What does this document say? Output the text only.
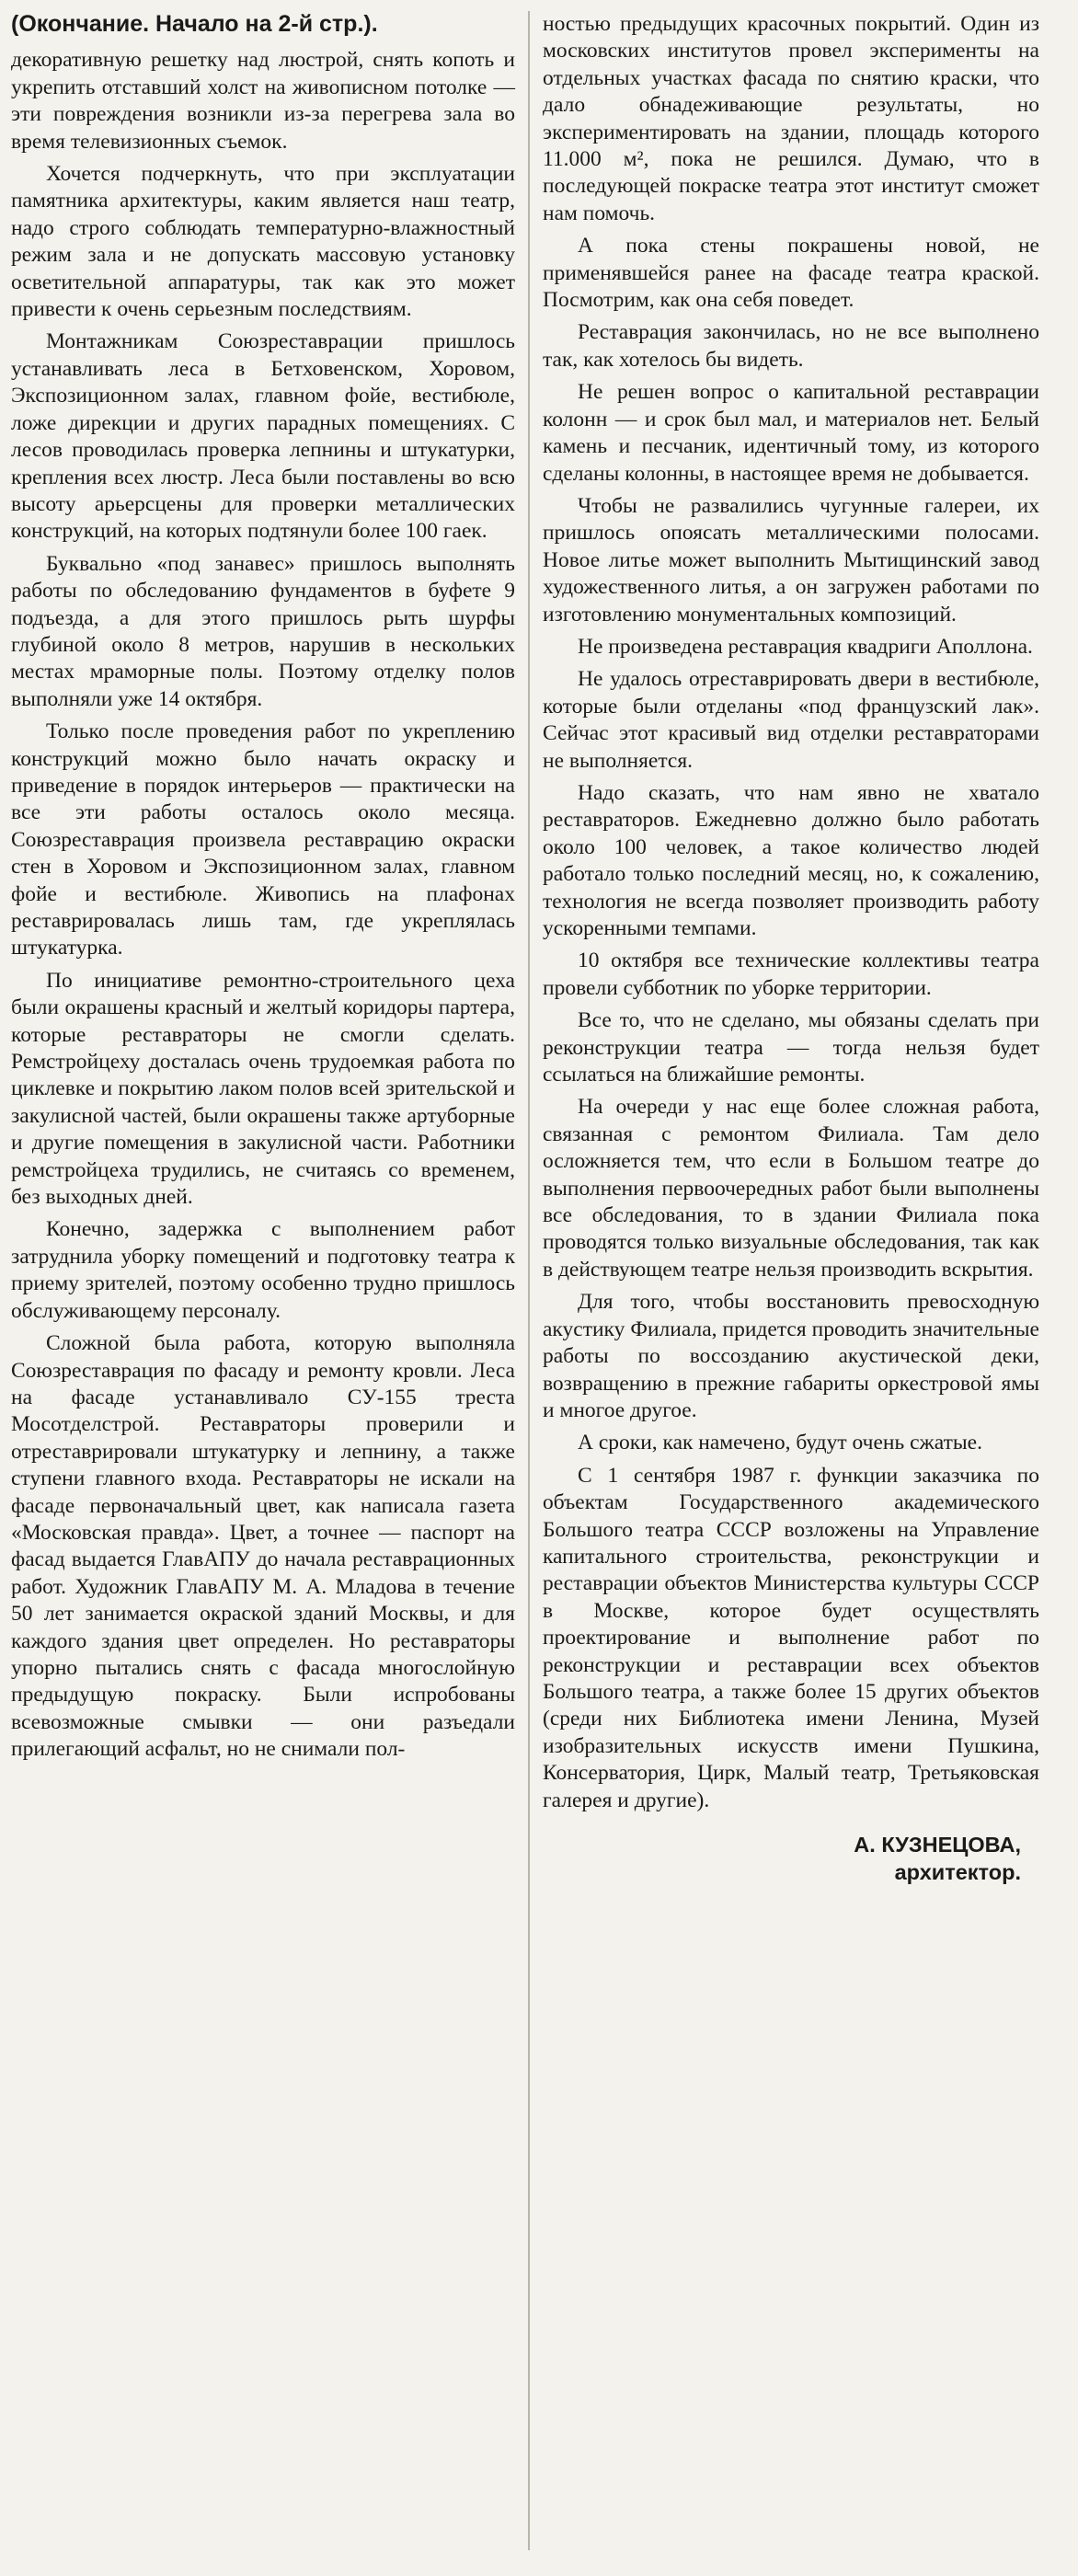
(Окончание. Начало на 2-й стр.).

декоративную решетку над люстрой, снять копоть и укрепить отставший холст на живописном потолке — эти повреждения возникли из-за перегрева зала во время телевизионных съемок.

Хочется подчеркнуть, что при эксплуатации памятника архитектуры, каким является наш театр, надо строго соблюдать температурно-влажностный режим зала и не допускать массовую установку осветительной аппаратуры, так как это может привести к очень серьезным последствиям.

Монтажникам Союзреставрации пришлось устанавливать леса в Бетховенском, Хоровом, Экспозиционном залах, главном фойе, вестибюле, ложе дирекции и других парадных помещениях. С лесов проводилась проверка лепнины и штукатурки, крепления всех люстр. Леса были поставлены во всю высоту арьерсцены для проверки металлических конструкций, на которых подтянули более 100 гаек.

Буквально «под занавес» пришлось выполнять работы по обследованию фундаментов в буфете 9 подъезда, а для этого пришлось рыть шурфы глубиной около 8 метров, нарушив в нескольких местах мраморные полы. Поэтому отделку полов выполняли уже 14 октября.

Только после проведения работ по укреплению конструкций можно было начать окраску и приведение в порядок интерьеров — практически на все эти работы осталось около месяца. Союзреставрация произвела реставрацию окраски стен в Хоровом и Экспозиционном залах, главном фойе и вестибюле. Живопись на плафонах реставрировалась лишь там, где укреплялась штукатурка.

По инициативе ремонтно-строительного цеха были окрашены красный и желтый коридоры партера, которые реставраторы не смогли сделать. Ремстройцеху досталась очень трудоемкая работа по циклевке и покрытию лаком полов всей зрительской и закулисной частей, были окрашены также артуборные и другие помещения в закулисной части. Работники ремстройцеха трудились, не считаясь со временем, без выходных дней.

Конечно, задержка с выполнением работ затруднила уборку помещений и подготовку театра к приему зрителей, поэтому особенно трудно пришлось обслуживающему персоналу.

Сложной была работа, которую выполняла Союзреставрация по фасаду и ремонту кровли. Леса на фасаде устанавливало СУ-155 треста Мосотделстрой. Реставраторы проверили и отреставрировали штукатурку и лепнину, а также ступени главного входа. Реставраторы не искали на фасаде первоначальный цвет, как написала газета «Московская правда». Цвет, а точнее — паспорт на фасад выдается ГлавАПУ до начала реставрационных работ. Художник ГлавАПУ М. А. Младова в течение 50 лет занимается окраской зданий Москвы, и для каждого здания цвет определен. Но реставраторы упорно пытались снять с фасада многослойную предыдущую покраску. Были испробованы всевозможные смывки — они разъедали прилегающий асфальт, но не снимали пол-

ностью предыдущих красочных покрытий. Один из московских институтов провел эксперименты на отдельных участках фасада по снятию краски, что дало обнадеживающие результаты, но экспериментировать на здании, площадь которого 11.000 м², пока не решился. Думаю, что в последующей покраске театра этот институт сможет нам помочь.

А пока стены покрашены новой, не применявшейся ранее на фасаде театра краской. Посмотрим, как она себя поведет.

Реставрация закончилась, но не все выполнено так, как хотелось бы видеть.

Не решен вопрос о капитальной реставрации колонн — и срок был мал, и материалов нет. Белый камень и песчаник, идентичный тому, из которого сделаны колонны, в настоящее время не добывается.

Чтобы не развалились чугунные галереи, их пришлось опоясать металлическими полосами. Новое литье может выполнить Мытищинский завод художественного литья, а он загружен работами по изготовлению монументальных композиций.

Не произведена реставрация квадриги Аполлона.

Не удалось отреставрировать двери в вестибюле, которые были отделаны «под французский лак». Сейчас этот красивый вид отделки реставраторами не выполняется.

Надо сказать, что нам явно не хватало реставраторов. Ежедневно должно было работать около 100 человек, а такое количество людей работало только последний месяц, но, к сожалению, технология не всегда позволяет производить работу ускоренными темпами.

10 октября все технические коллективы театра провели субботник по уборке территории.

Все то, что не сделано, мы обязаны сделать при реконструкции театра — тогда нельзя будет ссылаться на ближайшие ремонты.

На очереди у нас еще более сложная работа, связанная с ремонтом Филиала. Там дело осложняется тем, что если в Большом театре до выполнения первоочередных работ были выполнены все обследования, то в здании Филиала пока проводятся только визуальные обследования, так как в действующем театре нельзя производить вскрытия.

Для того, чтобы восстановить превосходную акустику Филиала, придется проводить значительные работы по воссозданию акустической деки, возвращению в прежние габариты оркестровой ямы и многое другое.

А сроки, как намечено, будут очень сжатые.

С 1 сентября 1987 г. функции заказчика по объектам Государственного академического Большого театра СССР возложены на Управление капитального строительства, реконструкции и реставрации объектов Министерства культуры СССР в Москве, которое будет осуществлять проектирование и выполнение работ по реконструкции и реставрации всех объектов Большого театра, а также более 15 других объектов (среди них Библиотека имени Ленина, Музей изобразительных искусств имени Пушкина, Консерватория, Цирк, Малый театр, Третьяковская галерея и другие).

А. КУЗНЕЦОВА,
архитектор.
